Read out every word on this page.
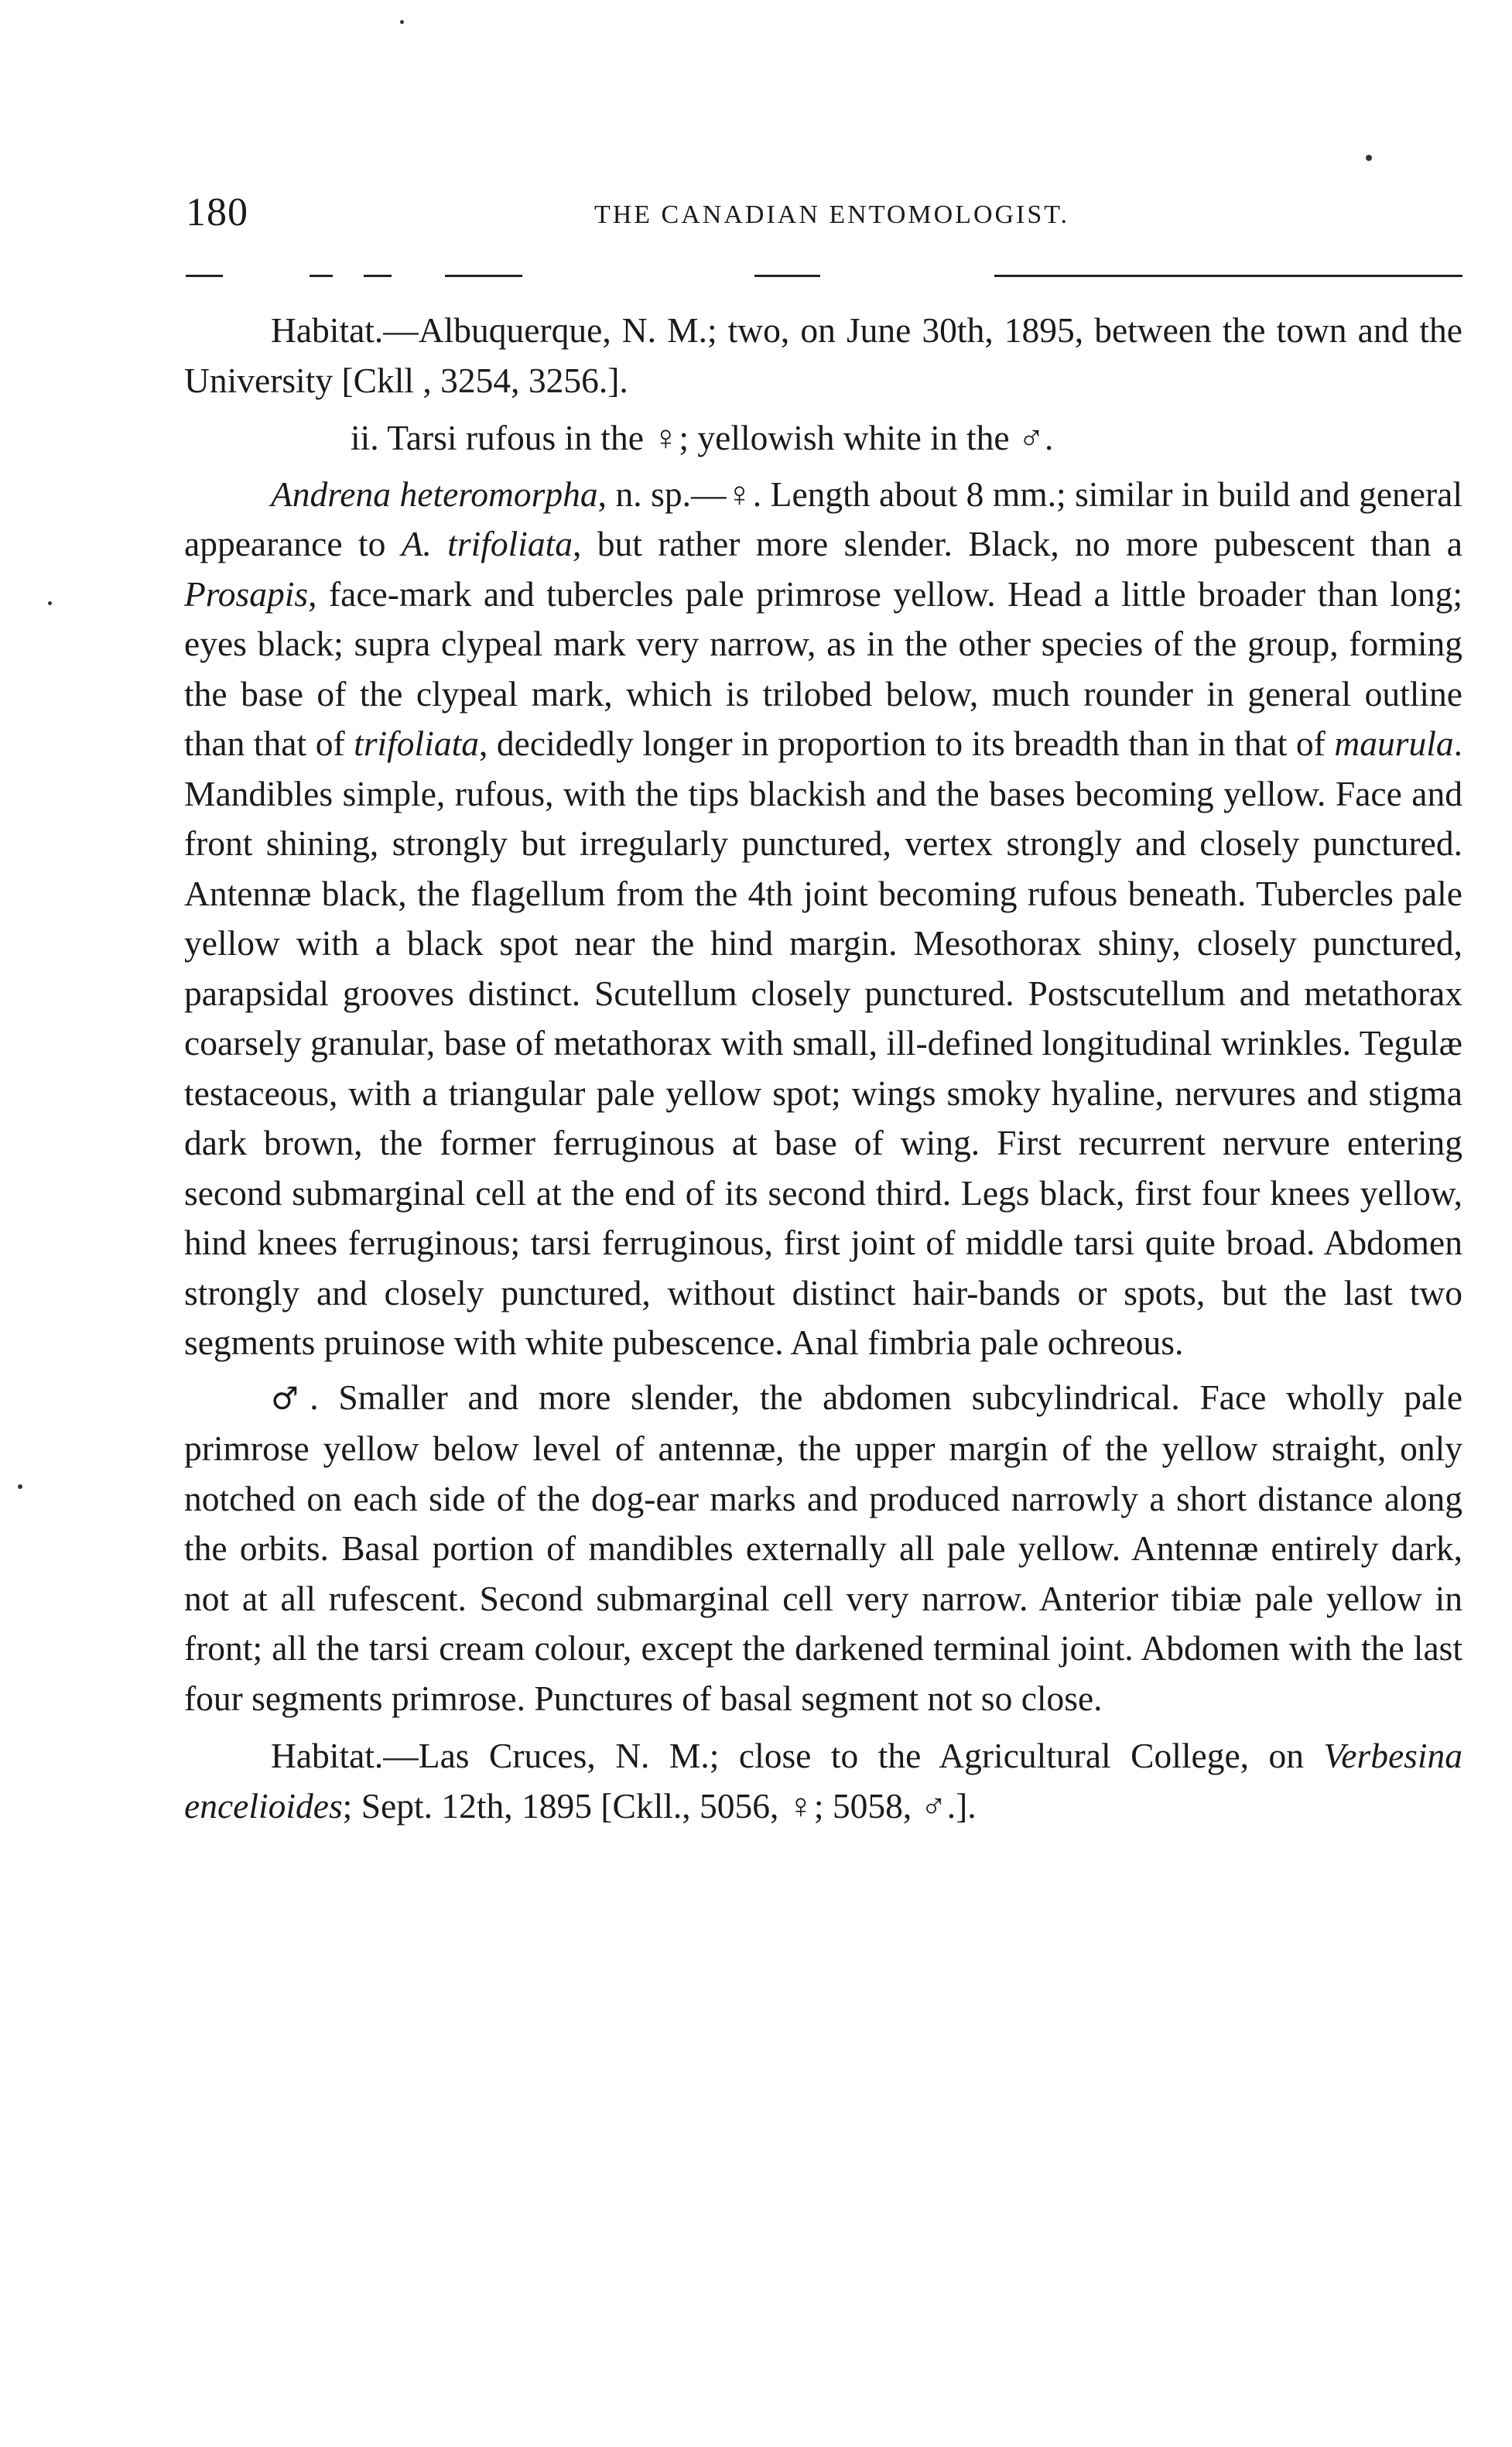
180	THE CANADIAN ENTOMOLOGIST.

Habitat.—Albuquerque, N. M.; two, on June 30th, 1895, between the town and the University [Ckll , 3254, 3256.].

ii. Tarsi rufous in the ♀; yellowish white in the ♂.

Andrena heteromorpha, n. sp.—♀. Length about 8 mm.; similar in build and general appearance to A. trifoliata, but rather more slender. Black, no more pubescent than a Prosapis, face-mark and tubercles pale primrose yellow. Head a little broader than long; eyes black; supra clypeal mark very narrow, as in the other species of the group, forming the base of the clypeal mark, which is trilobed below, much rounder in general outline than that of trifoliata, decidedly longer in proportion to its breadth than in that of maurula. Mandibles simple, rufous, with the tips blackish and the bases becoming yellow. Face and front shining, strongly but irregularly punctured, vertex strongly and closely punctured. Antennæ black, the flagellum from the 4th joint becoming rufous beneath. Tubercles pale yellow with a black spot near the hind margin. Mesothorax shiny, closely punctured, parapsidal grooves distinct. Scutellum closely punctured. Postscutellum and metathorax coarsely granular, base of metathorax with small, ill-defined longitudinal wrinkles. Tegulæ testaceous, with a triangular pale yellow spot; wings smoky hyaline, nervures and stigma dark brown, the former ferruginous at base of wing. First recurrent nervure entering second submarginal cell at the end of its second third. Legs black, first four knees yellow, hind knees ferruginous; tarsi ferruginous, first joint of middle tarsi quite broad. Abdomen strongly and closely punctured, without distinct hair-bands or spots, but the last two segments pruinose with white pubescence. Anal fimbria pale ochreous.

♂. Smaller and more slender, the abdomen subcylindrical. Face wholly pale primrose yellow below level of antennæ, the upper margin of the yellow straight, only notched on each side of the dog-ear marks and produced narrowly a short distance along the orbits. Basal portion of mandibles externally all pale yellow. Antennæ entirely dark, not at all rufescent. Second submarginal cell very narrow. Anterior tibiæ pale yellow in front; all the tarsi cream colour, except the darkened terminal joint. Abdomen with the last four segments primrose. Punctures of basal segment not so close.

Habitat.—Las Cruces, N. M.; close to the Agricultural College, on Verbesina encelioides; Sept. 12th, 1895 [Ckll., 5056, ♀; 5058, ♂.].
